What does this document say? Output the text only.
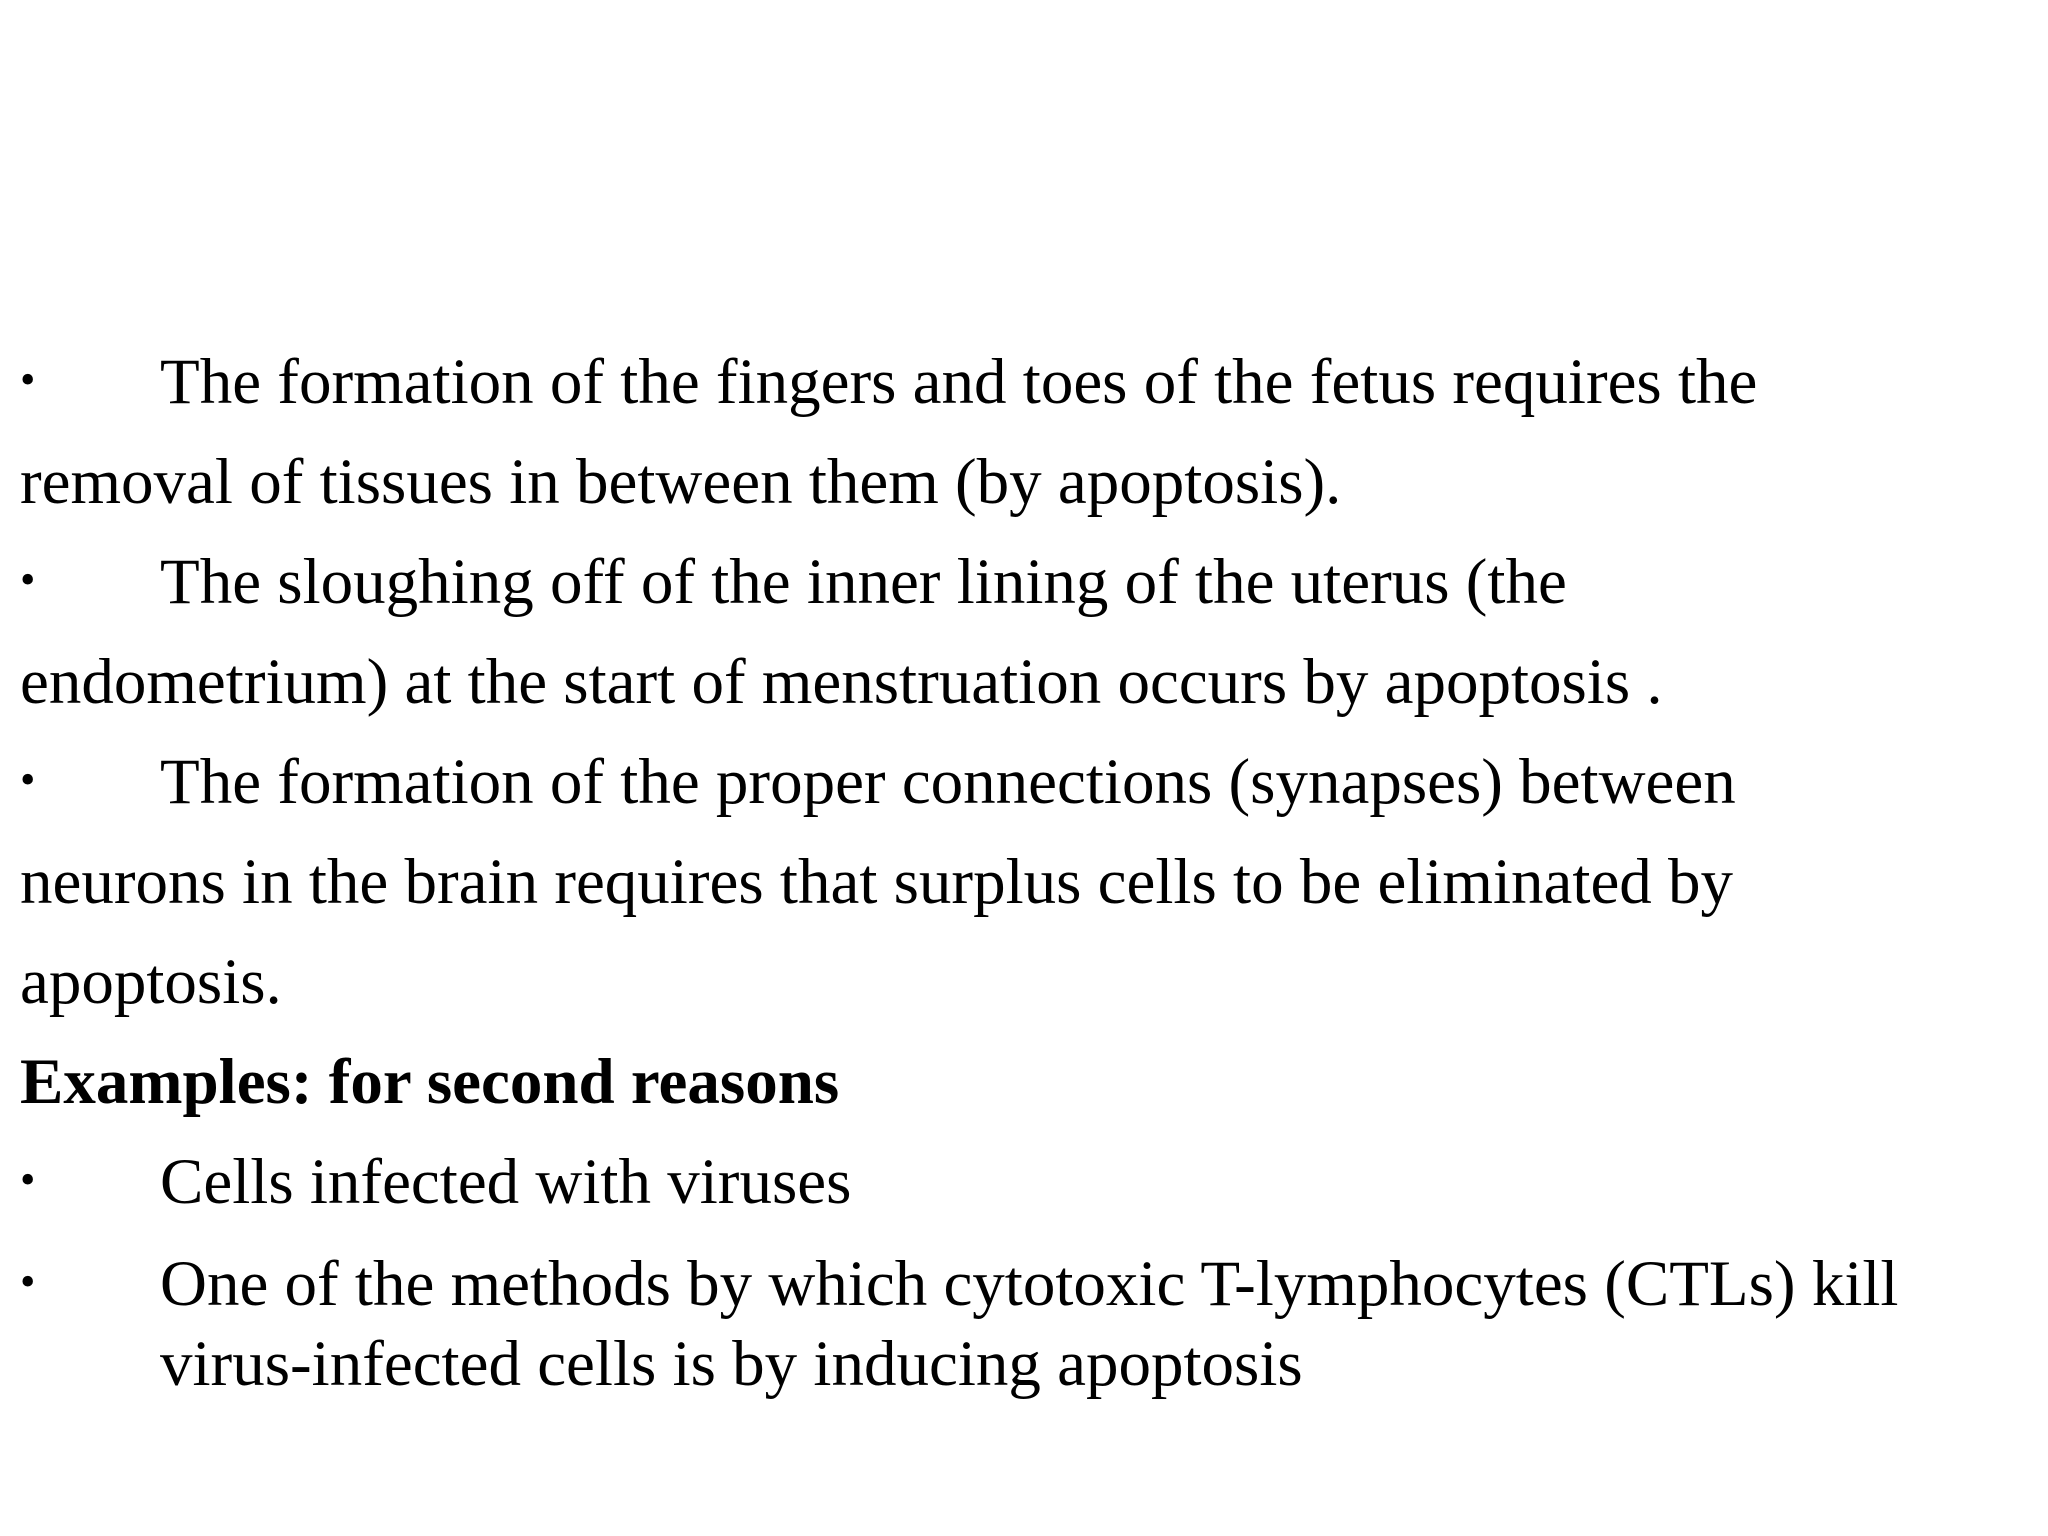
• The formation of the fingers and toes of the fetus requires the
removal of tissues in between them (by apoptosis).
• The sloughing off of the inner lining of the uterus (the
endometrium) at the start of menstruation occurs by apoptosis .
• The formation of the proper connections (synapses) between
neurons in the brain requires that surplus cells to be eliminated by
apoptosis.
Examples: for second reasons
• Cells infected with viruses
• One of the methods by which cytotoxic T-lymphocytes (CTLs) kill
virus-infected cells is by inducing apoptosis
